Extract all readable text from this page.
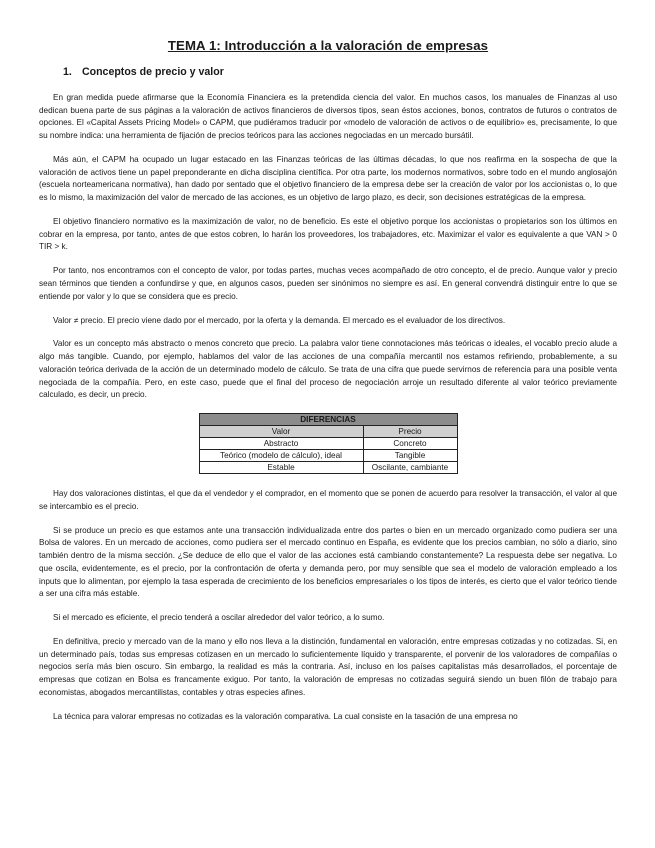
TEMA 1: Introducción a la valoración de empresas
1. Conceptos de precio y valor

En gran medida puede afirmarse que la Economía Financiera es la pretendida ciencia del valor. En muchos casos, los manuales de Finanzas al uso dedican buena parte de sus páginas a la valoración de activos financieros de diversos tipos, sean éstos acciones, bonos, contratos de futuros o contratos de opciones. El «Capital Assets Pricing Model» o CAPM, que pudiéramos traducir por «modelo de valoración de activos o de equilibrio» es, precisamente, lo que su nombre indica: una herramienta de fijación de precios teóricos para las acciones negociadas en un mercado bursátil.

Más aún, el CAPM ha ocupado un lugar estacado en las Finanzas teóricas de las últimas décadas, lo que nos reafirma en la sospecha de que la valoración de activos tiene un papel preponderante en dicha disciplina científica. Por otra parte, los modernos normativos, sobre todo en el mundo anglosajón (escuela norteamericana normativa), han dado por sentado que el objetivo financiero de la empresa debe ser la creación de valor por los accionistas o, lo que es lo mismo, la maximización del valor de mercado de las acciones, es un objetivo de largo plazo, es decir, son decisiones estratégicas de la empresa.

El objetivo financiero normativo es la maximización de valor, no de beneficio. Es este el objetivo porque los accionistas o propietarios son los últimos en cobrar en la empresa, por tanto, antes de que estos cobren, lo harán los proveedores, los trabajadores, etc. Maximizar el valor es equivalente a que VAN > 0 TIR > k.

Por tanto, nos encontramos con el concepto de valor, por todas partes, muchas veces acompañado de otro concepto, el de precio. Aunque valor y precio sean términos que tienden a confundirse y que, en algunos casos, pueden ser sinónimos no siempre es así. En general convendrá distinguir entre lo que se entiende por valor y lo que se considera que es precio.

Valor ≠ precio. El precio viene dado por el mercado, por la oferta y la demanda. El mercado es el evaluador de los directivos.

Valor es un concepto más abstracto o menos concreto que precio. La palabra valor tiene connotaciones más teóricas o ideales, el vocablo precio alude a algo más tangible. Cuando, por ejemplo, hablamos del valor de las acciones de una compañía mercantil nos estamos refiriendo, probablemente, a su valoración teórica derivada de la acción de un determinado modelo de cálculo. Se trata de una cifra que puede servirnos de referencia para una posible venta negociada de la compañía. Pero, en este caso, puede que el final del proceso de negociación arroje un resultado diferente al valor teórico previamente calculado, es decir, un precio.

DIFERENCIAS	
Valor	Precio
Abstracto	Concreto
Teórico (modelo de cálculo), ideal	Tangible
Estable	Oscilante, cambiante

Hay dos valoraciones distintas, el que da el vendedor y el comprador, en el momento que se ponen de acuerdo para resolver la transacción, el valor al que se intercambio es el precio.

Si se produce un precio es que estamos ante una transacción individualizada entre dos partes o bien en un mercado organizado como pudiera ser una Bolsa de valores. En un mercado de acciones, como pudiera ser el mercado continuo en España, es evidente que los precios cambian, no sólo a diario, sino también dentro de la misma sección. ¿Se deduce de ello que el valor de las acciones está cambiando constantemente? La respuesta debe ser negativa. Lo que oscila, evidentemente, es el precio, por la confrontación de oferta y demanda pero, por muy sensible que sea el modelo de valoración empleado a los inputs que lo alimentan, por ejemplo la tasa esperada de crecimiento de los beneficios empresariales o los tipos de interés, es cierto que el valor teórico tiende a ser una cifra más estable.

Si el mercado es eficiente, el precio tenderá a oscilar alrededor del valor teórico, a lo sumo.

En definitiva, precio y mercado van de la mano y ello nos lleva a la distinción, fundamental en valoración, entre empresas cotizadas y no cotizadas. Si, en un determinado país, todas sus empresas cotizasen en un mercado lo suficientemente líquido y transparente, el porvenir de los valoradores de compañías o negocios sería más bien oscuro. Sin embargo, la realidad es más la contraria. Así, incluso en los países capitalistas más desarrollados, el porcentaje de empresas que cotizan en Bolsa es francamente exiguo. Por tanto, la valoración de empresas no cotizadas seguirá siendo un buen filón de trabajo para economistas, abogados mercantilistas, contables y otras especies afines.

La técnica para valorar empresas no cotizadas es la valoración comparativa. La cual consiste en la tasación de una empresa no
